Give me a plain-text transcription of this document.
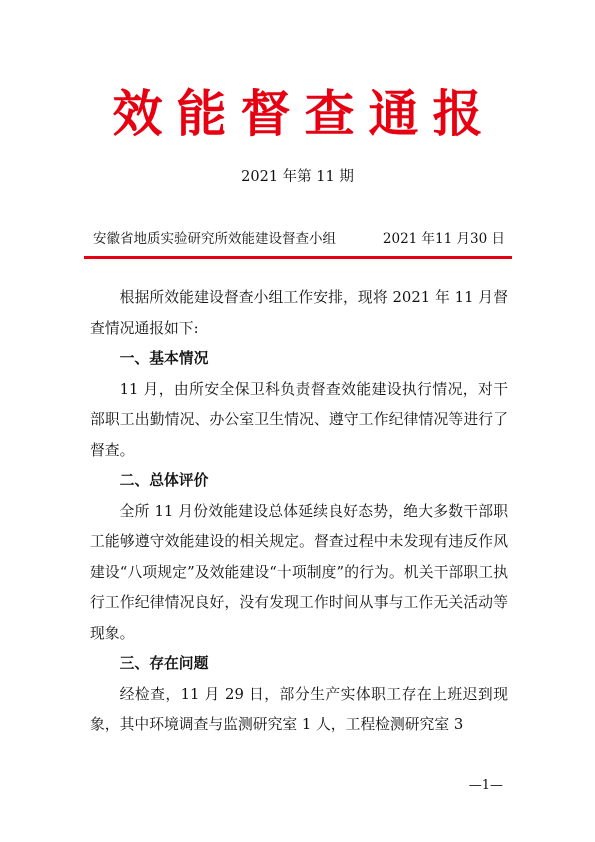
效能督查通报
2021 年第 11 期
安徽省地质实验研究所效能建设督查小组	2021 年11 月30 日

根据所效能建设督查小组工作安排，现将 2021 年 11 月督查情况通报如下:

一、基本情况

11 月，由所安全保卫科负责督查效能建设执行情况，对干部职工出勤情况、办公室卫生情况、遵守工作纪律情况等进行了督查。

二、总体评价

全所 11 月份效能建设总体延续良好态势，绝大多数干部职工能够遵守效能建设的相关规定。督查过程中未发现有违反作风建设“八项规定”及效能建设“十项制度”的行为。机关干部职工执行工作纪律情况良好，没有发现工作时间从事与工作无关活动等现象。

三、存在问题

经检查，11 月 29 日，部分生产实体职工存在上班迟到现象，其中环境调查与监测研究室 1 人，工程检测研究室 3

—1—
